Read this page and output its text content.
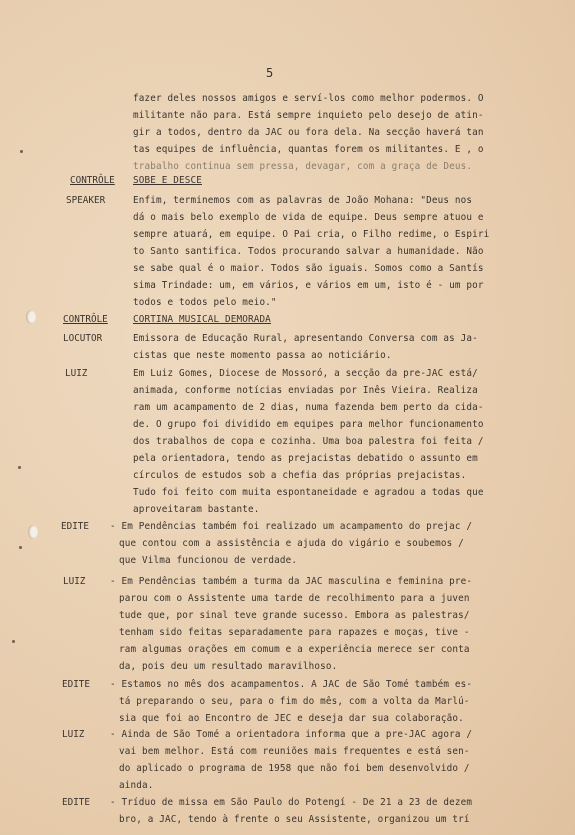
5
CONTRÔLE
SPEAKER
CONTRÔLE
LOCUTOR
LUIZ
EDITE
LUIZ
EDITE
LUIZ
EDITE
fazer deles nossos amigos e serví-los como melhor podermos. O
militante não para. Está sempre inquieto pelo desejo de atin-
gir a todos, dentro da JAC ou fora dela. Na secção haverá tan
tas equipes de influência, quantas forem os militantes. E , o
trabalho continua sem pressa, devagar, com a graça de Deus.
SOBE E DESCE
Enfim, terminemos com as palavras de João Mohana: "Deus nos
dá o mais belo exemplo de vida de equipe. Deus sempre atuou e
sempre atuará, em equipe. O Pai cria, o Filho redime, o Espiri
to Santo santifica. Todos procurando salvar a humanidade. Não
se sabe qual é o maior. Todos são iguais. Somos como a Santís
sima Trindade: um, em vários, e vários em um, isto é - um por
todos e todos pelo meio."
CORTINA MUSICAL DEMORADA
Emissora de Educação Rural, apresentando Conversa com as Ja-
cistas que neste momento passa ao noticiário.
Em Luiz Gomes, Diocese de Mossoró, a secção da pre-JAC está/
animada, conforme notícias enviadas por Inês Vieira. Realiza
ram um acampamento de 2 dias, numa fazenda bem perto da cida-
de. O grupo foi dividido em equipes para melhor funcionamento
dos trabalhos de copa e cozinha. Uma boa palestra foi feita /
pela orientadora, tendo as prejacistas debatido o assunto em
círculos de estudos sob a chefia das próprias prejacistas.
Tudo foi feito com muita espontaneidade e agradou a todas que
aproveitaram bastante.
- Em Pendências também foi realizado um acampamento do prejac /
que contou com a assistência e ajuda do vigário e soubemos /
que Vilma funcionou de verdade.
- Em Pendências também a turma da JAC masculina e feminina pre-
parou com o Assistente uma tarde de recolhimento para a juven
tude que, por sinal teve grande sucesso. Embora as palestras/
tenham sido feitas separadamente para rapazes e moças, tive -
ram algumas orações em comum e a experiência merece ser conta
da, pois deu um resultado maravilhoso.
- Estamos no mês dos acampamentos. A JAC de São Tomé também es-
tá preparando o seu, para o fim do mês, com a volta da Marlú-
sia que foi ao Encontro de JEC e deseja dar sua colaboração.
- Ainda de São Tomé a orientadora informa que a pre-JAC agora /
vai bem melhor. Está com reuniões mais frequentes e está sen-
do aplicado o programa de 1958 que não foi bem desenvolvido /
ainda.
- Tríduo de missa em São Paulo do Potengí - De 21 a 23 de dezem
bro, a JAC, tendo à frente o seu Assistente, organizou um trí
